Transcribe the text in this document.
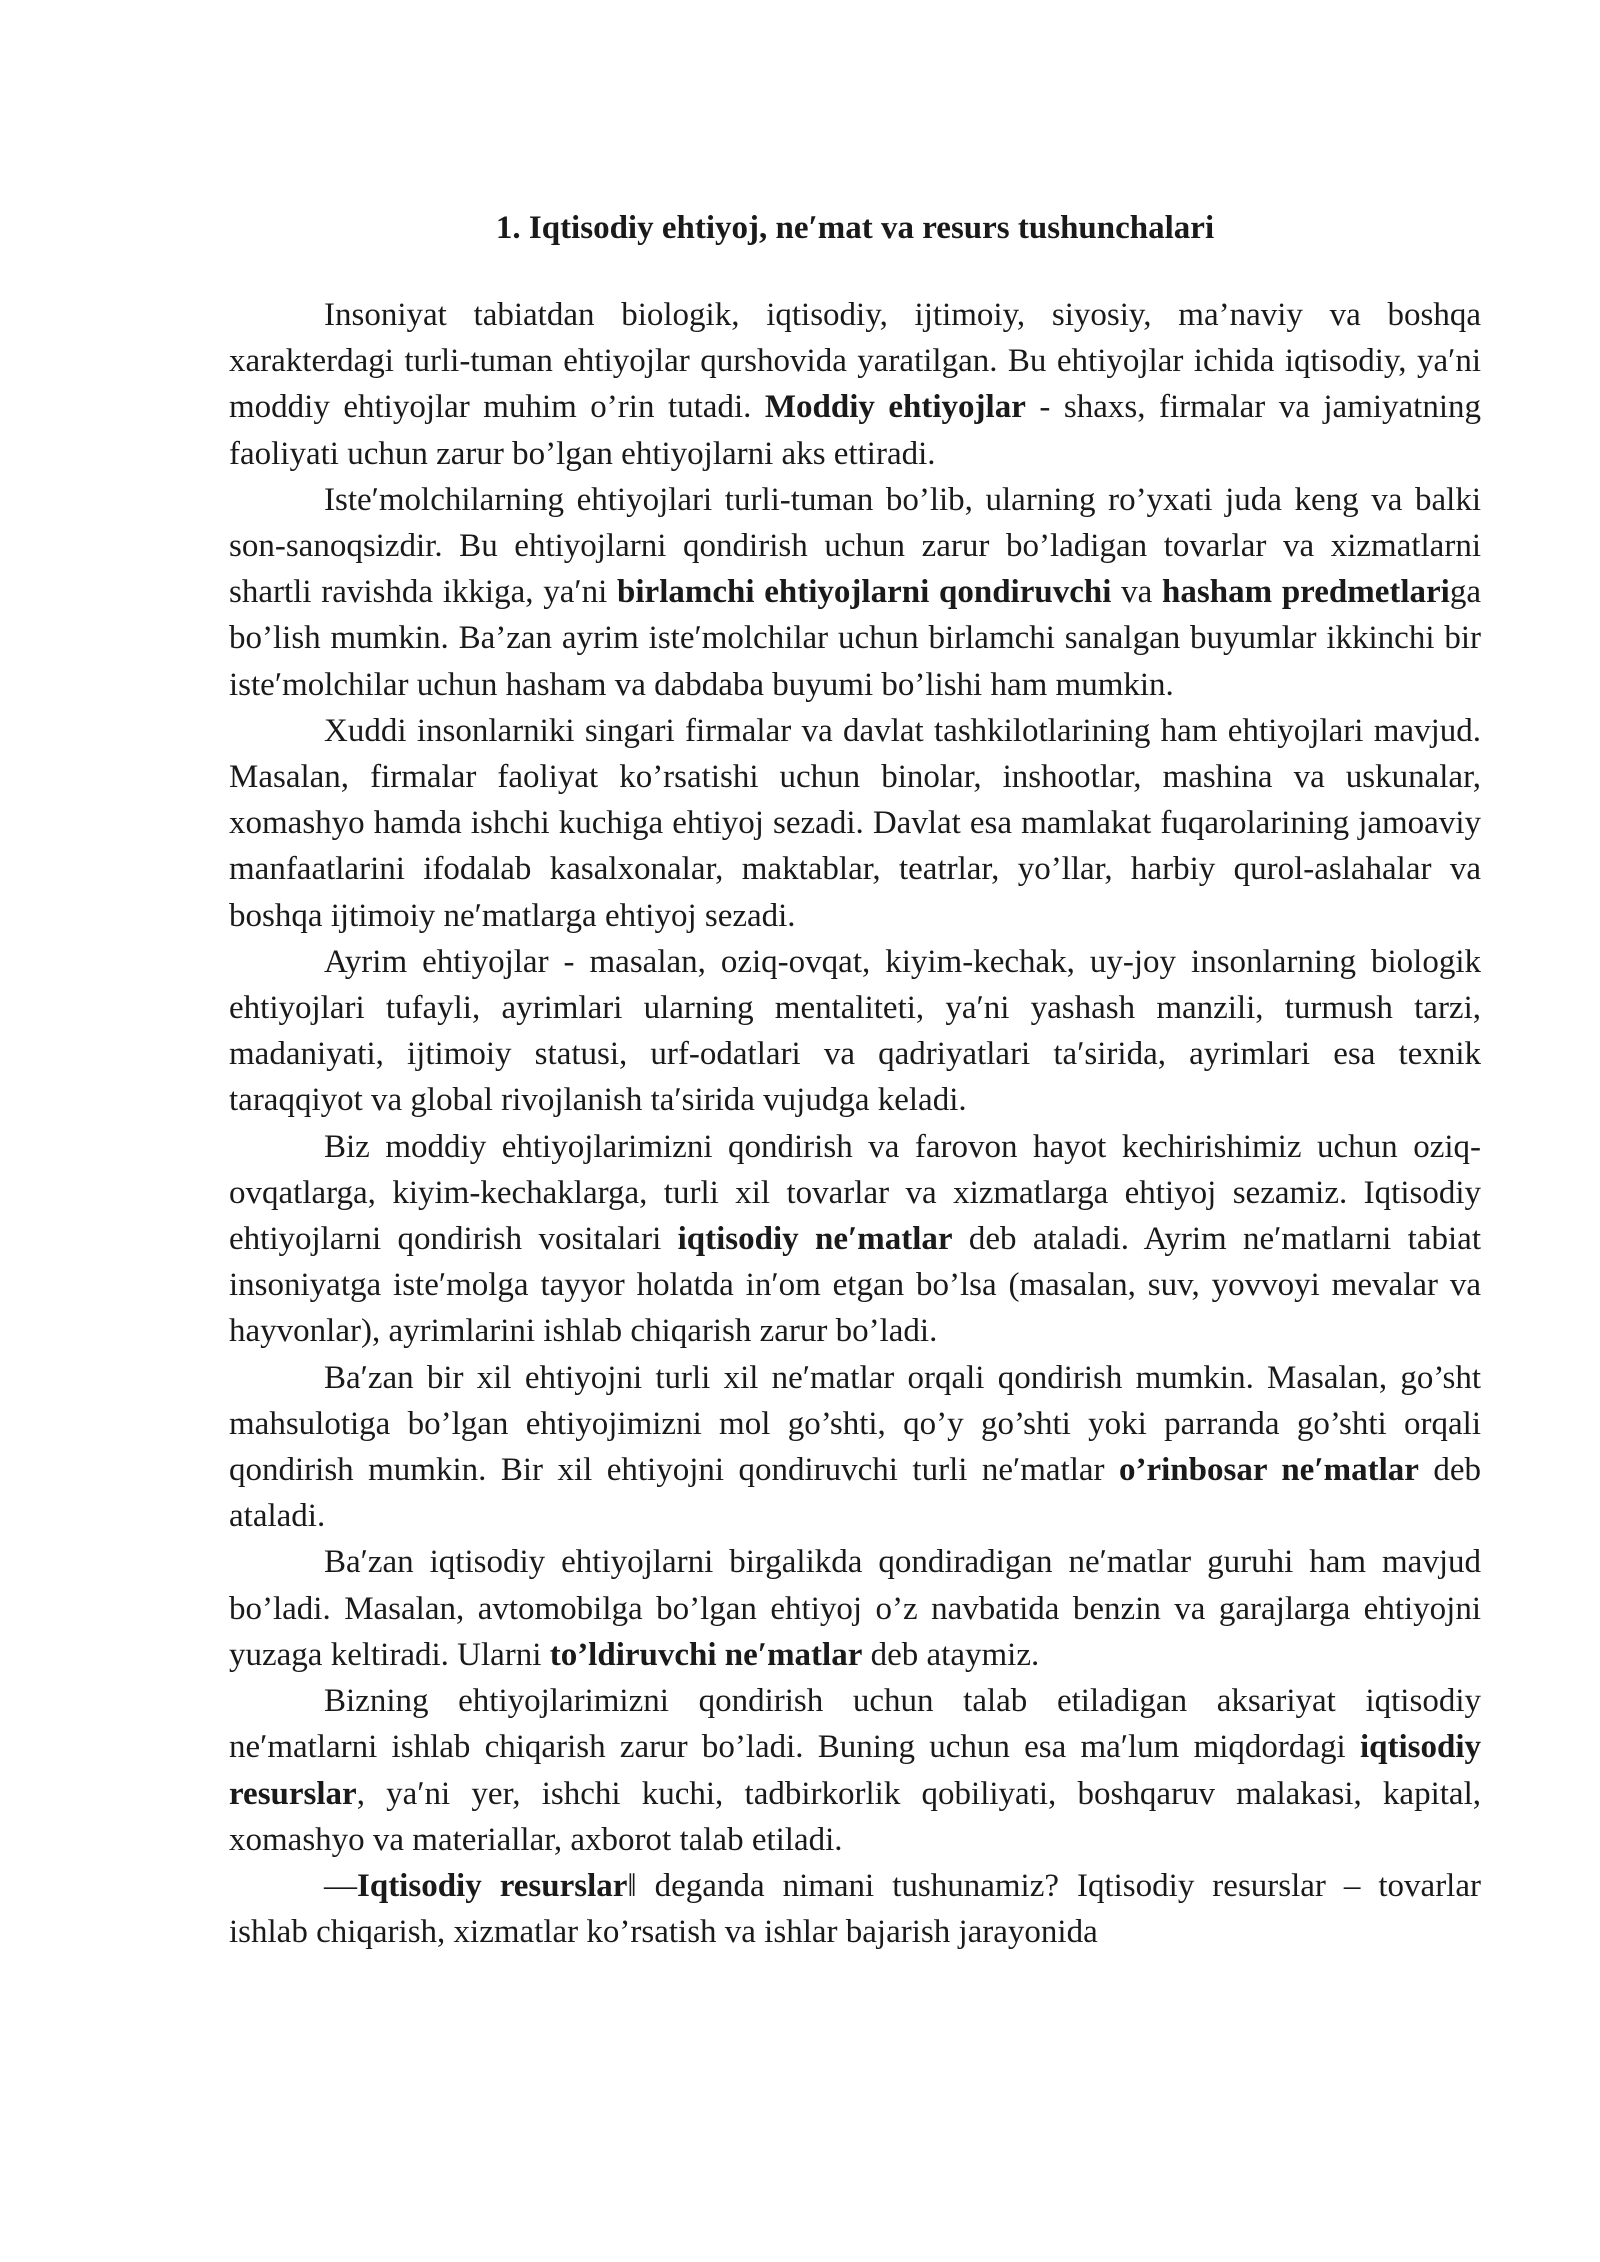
1. Iqtisodiy ehtiyoj, neʹmat va resurs tushunchalari

Insoniyat tabiatdan biologik, iqtisodiy, ijtimoiy, siyosiy, ma’naviy va boshqa xarakterdagi turli-tuman ehtiyojlar qurshovida yaratilgan. Bu ehtiyojlar ichida iqtisodiy, yaʹni moddiy ehtiyojlar muhim o’rin tutadi. Moddiy ehtiyojlar - shaxs, firmalar va jamiyatning faoliyati uchun zarur bo’lgan ehtiyojlarni aks ettiradi.

Isteʹmolchilarning ehtiyojlari turli-tuman bo’lib, ularning ro’yxati juda keng va balki son-sanoqsizdir. Bu ehtiyojlarni qondirish uchun zarur bo’ladigan tovarlar va xizmatlarni shartli ravishda ikkiga, yaʹni birlamchi ehtiyojlarni qondiruvchi va hasham predmetlariga bo’lish mumkin. Ba’zan ayrim isteʹmolchilar uchun birlamchi sanalgan buyumlar ikkinchi bir isteʹmolchilar uchun hasham va dabdaba buyumi bo’lishi ham mumkin.

Xuddi insonlarniki singari firmalar va davlat tashkilotlarining ham ehtiyojlari mavjud. Masalan, firmalar faoliyat ko’rsatishi uchun binolar, inshootlar, mashina va uskunalar, xomashyo hamda ishchi kuchiga ehtiyoj sezadi. Davlat esa mamlakat fuqarolarining jamoaviy manfaatlarini ifodalab kasalxonalar, maktablar, teatrlar, yo’llar, harbiy qurol-aslahalar va boshqa ijtimoiy neʹmatlarga ehtiyoj sezadi.

Ayrim ehtiyojlar - masalan, oziq-ovqat, kiyim-kechak, uy-joy insonlarning biologik ehtiyojlari tufayli, ayrimlari ularning mentaliteti, yaʹni yashash manzili, turmush tarzi, madaniyati, ijtimoiy statusi, urf-odatlari va qadriyatlari taʹsirida, ayrimlari esa texnik taraqqiyot va global rivojlanish taʹsirida vujudga keladi.

Biz moddiy ehtiyojlarimizni qondirish va farovon hayot kechirishimiz uchun oziq-ovqatlarga, kiyim-kechaklarga, turli xil tovarlar va xizmatlarga ehtiyoj sezamiz. Iqtisodiy ehtiyojlarni qondirish vositalari iqtisodiy neʹmatlar deb ataladi. Ayrim neʹmatlarni tabiat insoniyatga isteʹmolga tayyor holatda inʹom etgan bo’lsa (masalan, suv, yovvoyi mevalar va hayvonlar), ayrimlarini ishlab chiqarish zarur bo’ladi.

Baʹzan bir xil ehtiyojni turli xil neʹmatlar orqali qondirish mumkin. Masalan, go’sht mahsulotiga bo’lgan ehtiyojimizni mol go’shti, qo’y go’shti yoki parranda go’shti orqali qondirish mumkin. Bir xil ehtiyojni qondiruvchi turli neʹmatlar o’rinbosar neʹmatlar deb ataladi.

Baʹzan iqtisodiy ehtiyojlarni birgalikda qondiradigan neʹmatlar guruhi ham mavjud bo’ladi. Masalan, avtomobilga bo’lgan ehtiyoj o’z navbatida benzin va garajlarga ehtiyojni yuzaga keltiradi. Ularni to’ldiruvchi neʹmatlar deb ataymiz.

Bizning ehtiyojlarimizni qondirish uchun talab etiladigan aksariyat iqtisodiy neʹmatlarni ishlab chiqarish zarur bo’ladi. Buning uchun esa maʹlum miqdordagi iqtisodiy resurslar, yaʹni yer, ishchi kuchi, tadbirkorlik qobiliyati, boshqaruv malakasi, kapital, xomashyo va materiallar, axborot talab etiladi.

―Iqtisodiy resurslar‖ deganda nimani tushunamiz? Iqtisodiy resurslar – tovarlar ishlab chiqarish, xizmatlar ko’rsatish va ishlar bajarish jarayonida
